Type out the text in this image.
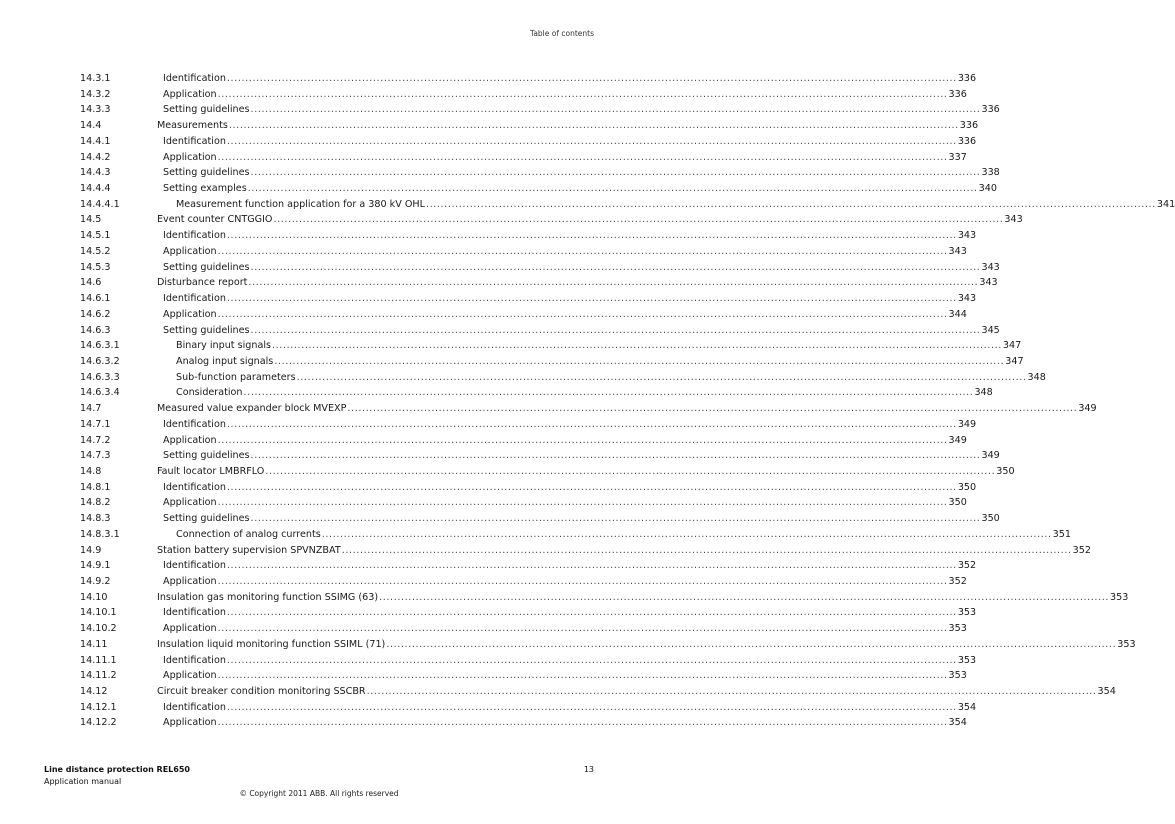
Table of contents
14.3.1	Identification ........................................................................................................................................................................................................ 336
14.3.2	Application ........................................................................................................................................................................................................ 336
14.3.3	Setting guidelines ........................................................................................................................................................................................................ 336
14.4	Measurements ........................................................................................................................................................................................................ 336
14.4.1	Identification ........................................................................................................................................................................................................ 336
14.4.2	Application ........................................................................................................................................................................................................ 337
14.4.3	Setting guidelines ........................................................................................................................................................................................................ 338
14.4.4	Setting examples ........................................................................................................................................................................................................ 340
14.4.4.1	Measurement function application for a 380 kV OHL ........................................................................................................................................................................................................ 341
14.5	Event counter CNTGGIO ........................................................................................................................................................................................................ 343
14.5.1	Identification ........................................................................................................................................................................................................ 343
14.5.2	Application ........................................................................................................................................................................................................ 343
14.5.3	Setting guidelines ........................................................................................................................................................................................................ 343
14.6	Disturbance report ........................................................................................................................................................................................................ 343
14.6.1	Identification ........................................................................................................................................................................................................ 343
14.6.2	Application ........................................................................................................................................................................................................ 344
14.6.3	Setting guidelines ........................................................................................................................................................................................................ 345
14.6.3.1	Binary input signals ........................................................................................................................................................................................................ 347
14.6.3.2	Analog input signals ........................................................................................................................................................................................................ 347
14.6.3.3	Sub-function parameters ........................................................................................................................................................................................................ 348
14.6.3.4	Consideration ........................................................................................................................................................................................................ 348
14.7	Measured value expander block MVEXP ........................................................................................................................................................................................................ 349
14.7.1	Identification ........................................................................................................................................................................................................ 349
14.7.2	Application ........................................................................................................................................................................................................ 349
14.7.3	Setting guidelines ........................................................................................................................................................................................................ 349
14.8	Fault locator LMBRFLO ........................................................................................................................................................................................................ 350
14.8.1	Identification ........................................................................................................................................................................................................ 350
14.8.2	Application ........................................................................................................................................................................................................ 350
14.8.3	Setting guidelines ........................................................................................................................................................................................................ 350
14.8.3.1	Connection of analog currents ........................................................................................................................................................................................................ 351
14.9	Station battery supervision SPVNZBAT ........................................................................................................................................................................................................ 352
14.9.1	Identification ........................................................................................................................................................................................................ 352
14.9.2	Application ........................................................................................................................................................................................................ 352
14.10	Insulation gas monitoring function SSIMG (63) ........................................................................................................................................................................................................ 353
14.10.1	Identification ........................................................................................................................................................................................................ 353
14.10.2	Application ........................................................................................................................................................................................................ 353
14.11	Insulation liquid monitoring function SSIML (71) ........................................................................................................................................................................................................ 353
14.11.1	Identification ........................................................................................................................................................................................................ 353
14.11.2	Application ........................................................................................................................................................................................................ 353
14.12	Circuit breaker condition monitoring SSCBR ........................................................................................................................................................................................................ 354
14.12.1	Identification ........................................................................................................................................................................................................ 354
14.12.2	Application ........................................................................................................................................................................................................ 354
Line distance protection REL650
Application manual
13
© Copyright 2011 ABB. All rights reserved
